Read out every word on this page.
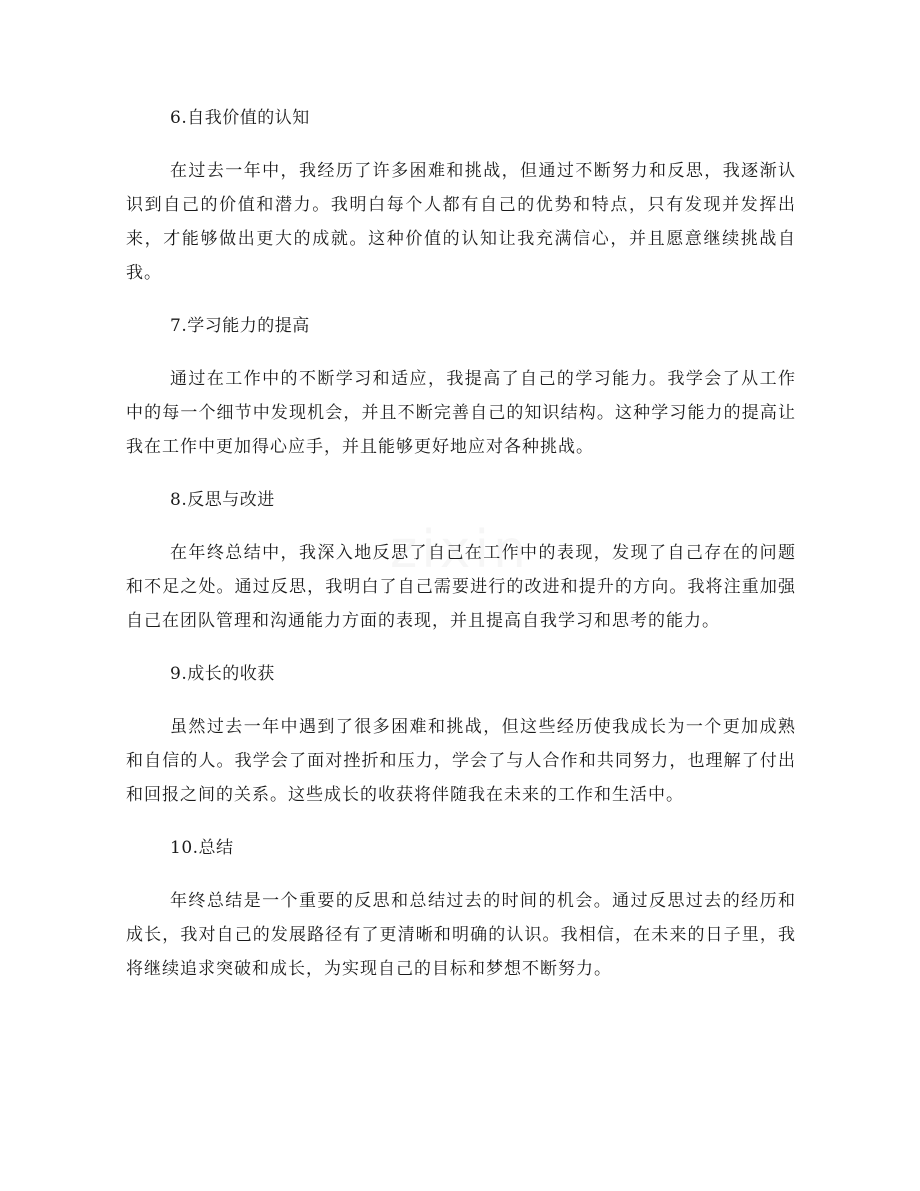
6.自我价值的认知

在过去一年中，我经历了许多困难和挑战，但通过不断努力和反思，我逐渐认识到自己的价值和潜力。我明白每个人都有自己的优势和特点，只有发现并发挥出来，才能够做出更大的成就。这种价值的认知让我充满信心，并且愿意继续挑战自我。

7.学习能力的提高

通过在工作中的不断学习和适应，我提高了自己的学习能力。我学会了从工作中的每一个细节中发现机会，并且不断完善自己的知识结构。这种学习能力的提高让我在工作中更加得心应手，并且能够更好地应对各种挑战。

8.反思与改进

在年终总结中，我深入地反思了自己在工作中的表现，发现了自己存在的问题和不足之处。通过反思，我明白了自己需要进行的改进和提升的方向。我将注重加强自己在团队管理和沟通能力方面的表现，并且提高自我学习和思考的能力。

9.成长的收获

虽然过去一年中遇到了很多困难和挑战，但这些经历使我成长为一个更加成熟和自信的人。我学会了面对挫折和压力，学会了与人合作和共同努力，也理解了付出和回报之间的关系。这些成长的收获将伴随我在未来的工作和生活中。

10.总结

年终总结是一个重要的反思和总结过去的时间的机会。通过反思过去的经历和成长，我对自己的发展路径有了更清晰和明确的认识。我相信，在未来的日子里，我将继续追求突破和成长，为实现自己的目标和梦想不断努力。
